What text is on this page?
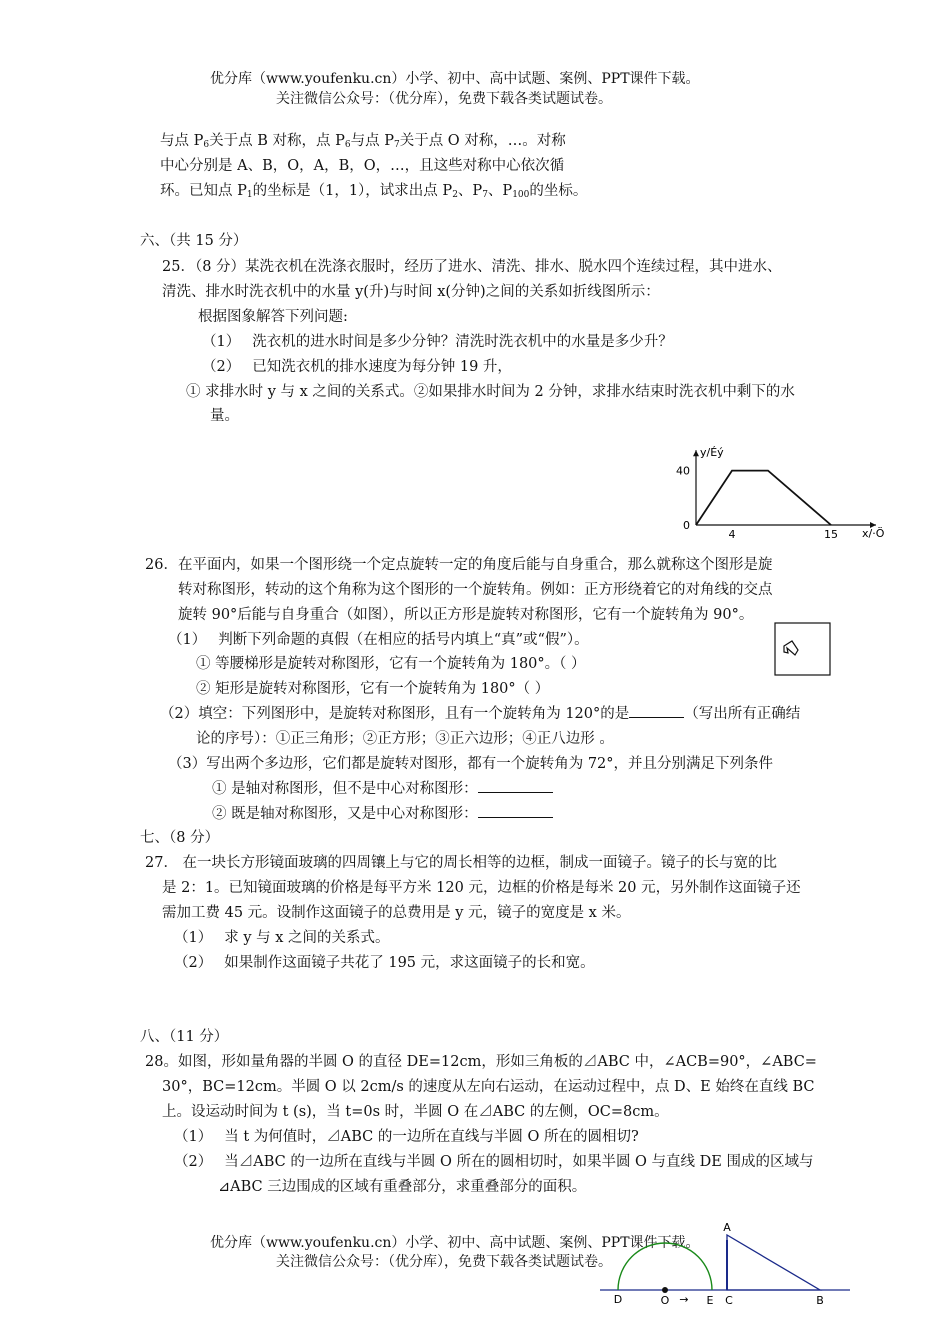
优分库（www.youfenku.cn）小学、初中、高中试题、案例、PPT课件下载。
关注微信公众号：（优分库），免费下载各类试题试卷。
与点 $P_6$关于点 B 对称，点 $P_6$与点 $P_7$关于点 O 对称，…。对称
中心分别是 A、B，O，A，B，O，…，且这些对称中心依次循
环。已知点 $P_1$的坐标是（1，1），试求出点 $P_2$、$P_7$、$P_{100}$的坐标。
六、（共 15 分）
25．（8 分）某洗衣机在洗涤衣服时，经历了进水、清洗、排水、脱水四个连续过程，其中进水、
清洗、排水时洗衣机中的水量 y(升)与时间 x(分钟)之间的关系如折线图所示：
根据图象解答下列问题:
（1） 洗衣机的进水时间是多少分钟？清洗时洗衣机中的水量是多少升？
（2） 已知洗衣机的排水速度为每分钟 19 升，
① 求排水时 y 与 x 之间的关系式。②如果排水时间为 2 分钟，求排水结束时洗衣机中剩下的水
量。
y/Éý
x/·Ö
40
0
4	15
26．在平面内，如果一个图形绕一个定点旋转一定的角度后能与自身重合，那么就称这个图形是旋
转对称图形，转动的这个角称为这个图形的一个旋转角。例如：正方形绕着它的对角线的交点
旋转 90°后能与自身重合（如图），所以正方形是旋转对称图形，它有一个旋转角为 90°。
（1） 判断下列命题的真假（在相应的括号内填上“真”或“假”）。
① 等腰梯形是旋转对称图形，它有一个旋转角为 180°。（ ）
② 矩形是旋转对称图形，它有一个旋转角为 180°（ ）
（2）填空：下列图形中，是旋转对称图形，且有一个旋转角为 120°的是	（写出所有正确结
论的序号）：①正三角形；②正方形；③正六边形；④正八边形 。
（3）写出两个多边形，它们都是旋转对图形，都有一个旋转角为 72°，并且分别满足下列条件
① 是轴对称图形，但不是中心对称图形：
② 既是轴对称图形，又是中心对称图形：
七、（8 分）
27． 在一块长方形镜面玻璃的四周镶上与它的周长相等的边框，制成一面镜子。镜子的长与宽的比
是 2：1。已知镜面玻璃的价格是每平方米 120 元，边框的价格是每米 20 元，另外制作这面镜子还
需加工费 45 元。设制作这面镜子的总费用是 y 元，镜子的宽度是 x 米。
（1） 求 y 与 x 之间的关系式。
（2） 如果制作这面镜子共花了 195 元，求这面镜子的长和宽。
八、（11 分）
28。如图，形如量角器的半圆 O 的直径 DE=12cm，形如三角板的⊿ABC 中，∠ACB=90°，∠ABC=
30°，BC=12cm。半圆 O 以 2cm/s 的速度从左向右运动，在运动过程中，点 D、E 始终在直线 BC
上。设运动时间为 t (s)，当 t=0s 时，半圆 O 在⊿ABC 的左侧，OC=8cm。
（1） 当 t 为何值时，⊿ABC 的一边所在直线与半圆 O 所在的圆相切?
（2） 当⊿ABC 的一边所在直线与半圆 O 所在的圆相切时，如果半圆 O 与直线 DE 围成的区域与
⊿ABC 三边围成的区域有重叠部分，求重叠部分的面积。
优分库（www.youfenku.cn）小学、初中、高中试题、案例、PPT课件下载。
关注微信公众号：（优分库），免费下载各类试题试卷。
A
D	O → E C	B
